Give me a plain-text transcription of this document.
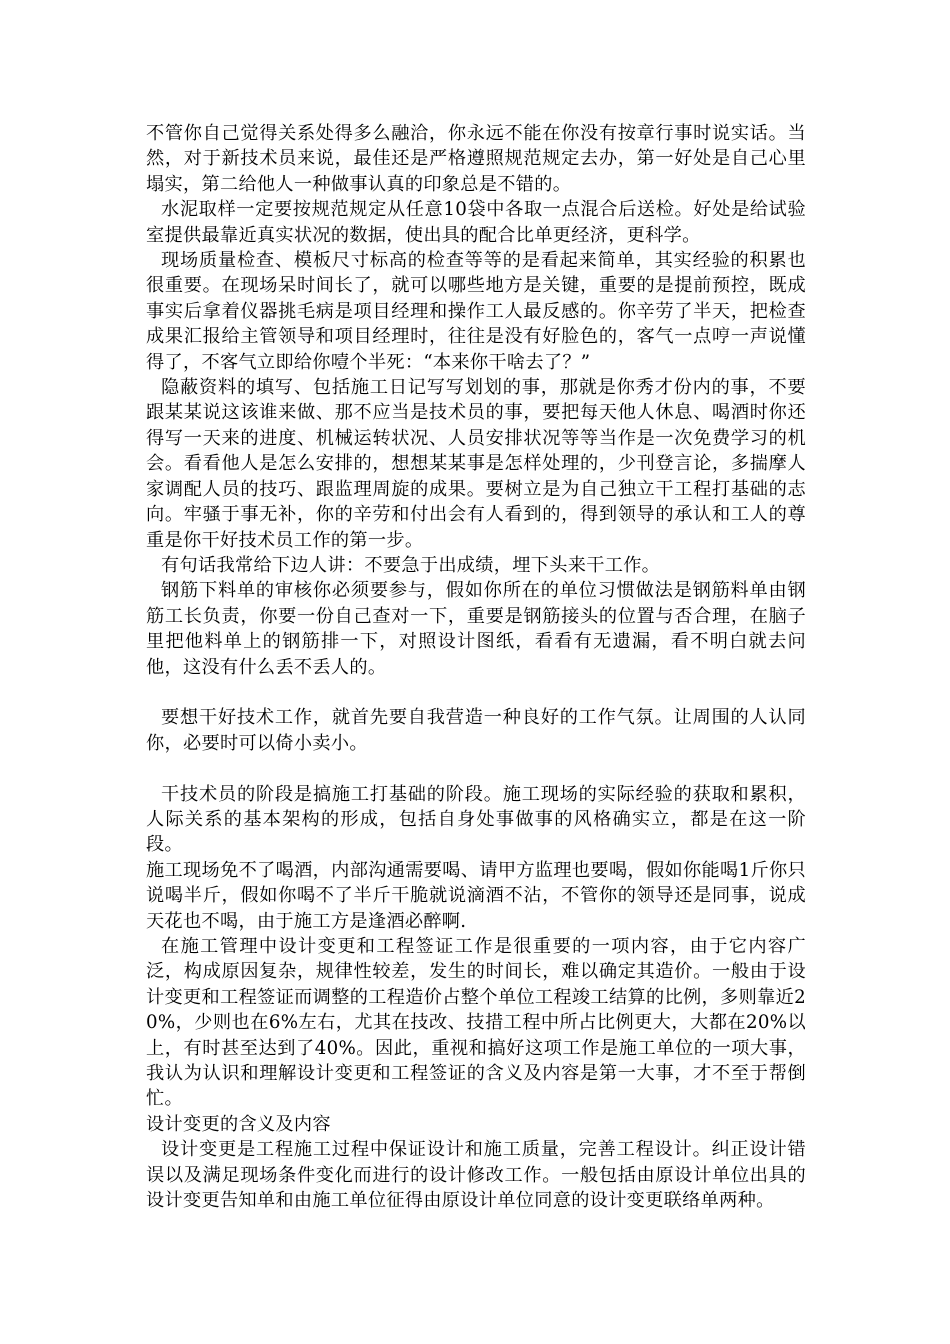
不管你自己觉得关系处得多么融洽，你永远不能在你没有按章行事时说实话。当然，对于新技术员来说，最佳还是严格遵照规范规定去办，第一好处是自己心里塌实，第二给他人一种做事认真的印象总是不错的。

水泥取样一定要按规范规定从任意10袋中各取一点混合后送检。好处是给试验室提供最靠近真实状况的数据，使出具的配合比单更经济，更科学。

现场质量检查、模板尺寸标高的检查等等的是看起来简单，其实经验的积累也很重要。在现场呆时间长了，就可以哪些地方是关键，重要的是提前预控，既成事实后拿着仪器挑毛病是项目经理和操作工人最反感的。你辛劳了半天，把检查成果汇报给主管领导和项目经理时，往往是没有好脸色的，客气一点哼一声说懂得了，不客气立即给你噎个半死：“本来你干啥去了？”

隐蔽资料的填写、包括施工日记写写划划的事，那就是你秀才份内的事，不要跟某某说这该谁来做、那不应当是技术员的事，要把每天他人休息、喝酒时你还得写一天来的进度、机械运转状况、人员安排状况等等当作是一次免费学习的机会。看看他人是怎么安排的，想想某某事是怎样处理的，少刊登言论，多揣摩人家调配人员的技巧、跟监理周旋的成果。要树立是为自己独立干工程打基础的志向。牢骚于事无补，你的辛劳和付出会有人看到的，得到领导的承认和工人的尊重是你干好技术员工作的第一步。

有句话我常给下边人讲：不要急于出成绩，埋下头来干工作。

钢筋下料单的审核你必须要参与，假如你所在的单位习惯做法是钢筋料单由钢筋工长负责，你要一份自己查对一下，重要是钢筋接头的位置与否合理，在脑子里把他料单上的钢筋排一下，对照设计图纸，看看有无遗漏，看不明白就去问他，这没有什么丢不丢人的。

要想干好技术工作，就首先要自我营造一种良好的工作气氛。让周围的人认同你，必要时可以倚小卖小。

干技术员的阶段是搞施工打基础的阶段。施工现场的实际经验的获取和累积，人际关系的基本架构的形成，包括自身处事做事的风格确实立，都是在这一阶段。

施工现场免不了喝酒，内部沟通需要喝、请甲方监理也要喝，假如你能喝1斤你只说喝半斤，假如你喝不了半斤干脆就说滴酒不沾，不管你的领导还是同事，说成天花也不喝，由于施工方是逢酒必醉啊.

在施工管理中设计变更和工程签证工作是很重要的一项内容，由于它内容广泛，构成原因复杂，规律性较差，发生的时间长，难以确定其造价。一般由于设计变更和工程签证而调整的工程造价占整个单位工程竣工结算的比例，多则靠近20%，少则也在6%左右，尤其在技改、技措工程中所占比例更大，大都在20%以上，有时甚至达到了40%。因此，重视和搞好这项工作是施工单位的一项大事，我认为认识和理解设计变更和工程签证的含义及内容是第一大事，才不至于帮倒忙。

设计变更的含义及内容

设计变更是工程施工过程中保证设计和施工质量，完善工程设计。纠正设计错误以及满足现场条件变化而进行的设计修改工作。一般包括由原设计单位出具的设计变更告知单和由施工单位征得由原设计单位同意的设计变更联络单两种。
